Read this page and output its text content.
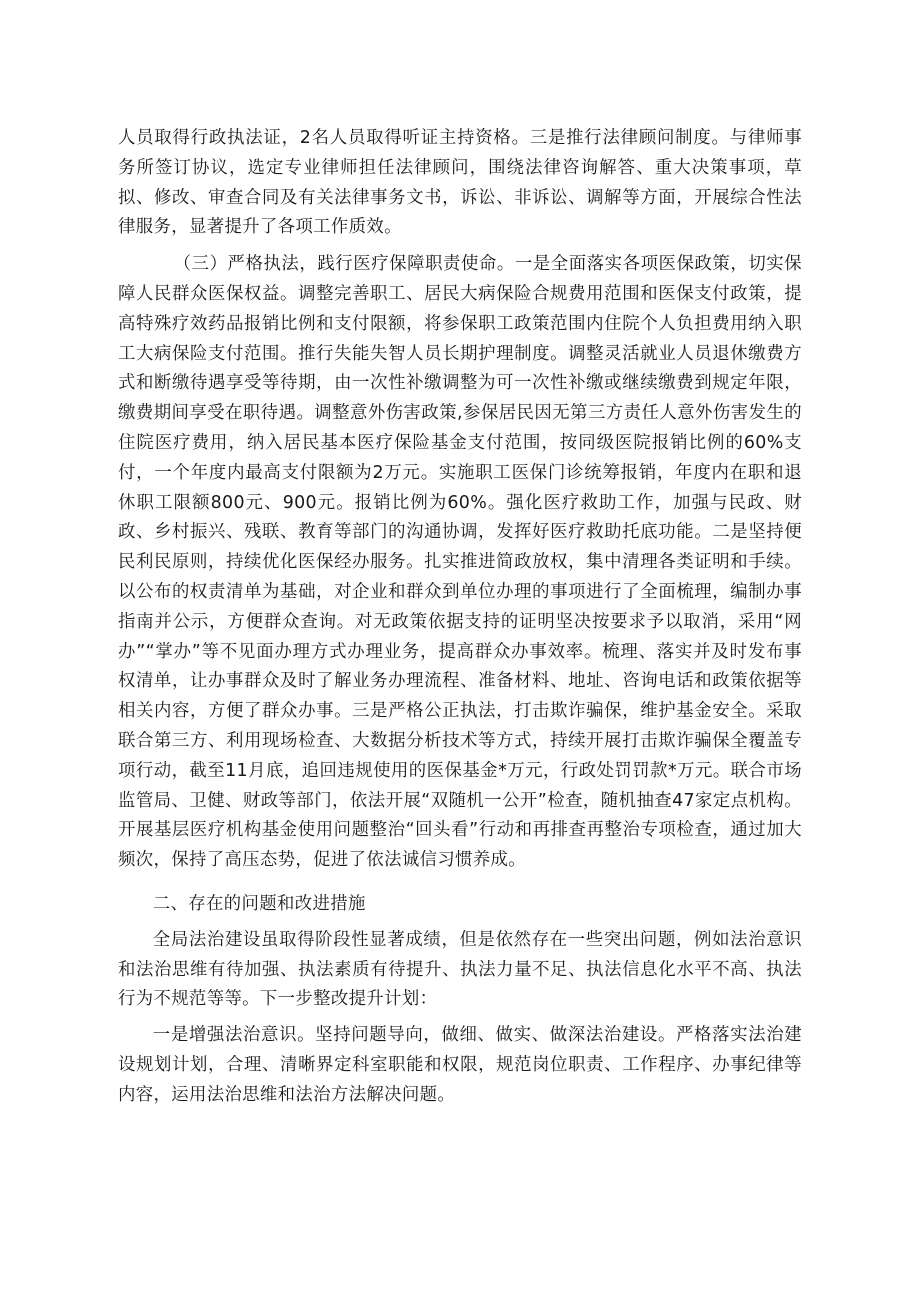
人员取得行政执法证，2名人员取得听证主持资格。三是推行法律顾问制度。与律师事务所签订协议，选定专业律师担任法律顾问，围绕法律咨询解答、重大决策事项，草拟、修改、审查合同及有关法律事务文书，诉讼、非诉讼、调解等方面，开展综合性法律服务，显著提升了各项工作质效。

（三）严格执法，践行医疗保障职责使命。一是全面落实各项医保政策，切实保障人民群众医保权益。调整完善职工、居民大病保险合规费用范围和医保支付政策，提高特殊疗效药品报销比例和支付限额，将参保职工政策范围内住院个人负担费用纳入职工大病保险支付范围。推行失能失智人员长期护理制度。调整灵活就业人员退休缴费方式和断缴待遇享受等待期，由一次性补缴调整为可一次性补缴或继续缴费到规定年限，缴费期间享受在职待遇。调整意外伤害政策,参保居民因无第三方责任人意外伤害发生的住院医疗费用，纳入居民基本医疗保险基金支付范围，按同级医院报销比例的60%支付，一个年度内最高支付限额为2万元。实施职工医保门诊统筹报销，年度内在职和退休职工限额800元、900元。报销比例为60%。强化医疗救助工作，加强与民政、财政、乡村振兴、残联、教育等部门的沟通协调，发挥好医疗救助托底功能。二是坚持便民利民原则，持续优化医保经办服务。扎实推进简政放权，集中清理各类证明和手续。以公布的权责清单为基础，对企业和群众到单位办理的事项进行了全面梳理，编制办事指南并公示，方便群众查询。对无政策依据支持的证明坚决按要求予以取消，采用“网办”“掌办”等不见面办理方式办理业务，提高群众办事效率。梳理、落实并及时发布事权清单，让办事群众及时了解业务办理流程、准备材料、地址、咨询电话和政策依据等相关内容，方便了群众办事。三是严格公正执法，打击欺诈骗保，维护基金安全。采取联合第三方、利用现场检查、大数据分析技术等方式，持续开展打击欺诈骗保全覆盖专项行动，截至11月底，追回违规使用的医保基金*万元，行政处罚罚款*万元。联合市场监管局、卫健、财政等部门，依法开展“双随机一公开”检查，随机抽查47家定点机构。开展基层医疗机构基金使用问题整治“回头看”行动和再排查再整治专项检查，通过加大频次，保持了高压态势，促进了依法诚信习惯养成。

二、存在的问题和改进措施

全局法治建设虽取得阶段性显著成绩，但是依然存在一些突出问题，例如法治意识和法治思维有待加强、执法素质有待提升、执法力量不足、执法信息化水平不高、执法行为不规范等等。下一步整改提升计划：

一是增强法治意识。坚持问题导向，做细、做实、做深法治建设。严格落实法治建设规划计划，合理、清晰界定科室职能和权限，规范岗位职责、工作程序、办事纪律等内容，运用法治思维和法治方法解决问题。
